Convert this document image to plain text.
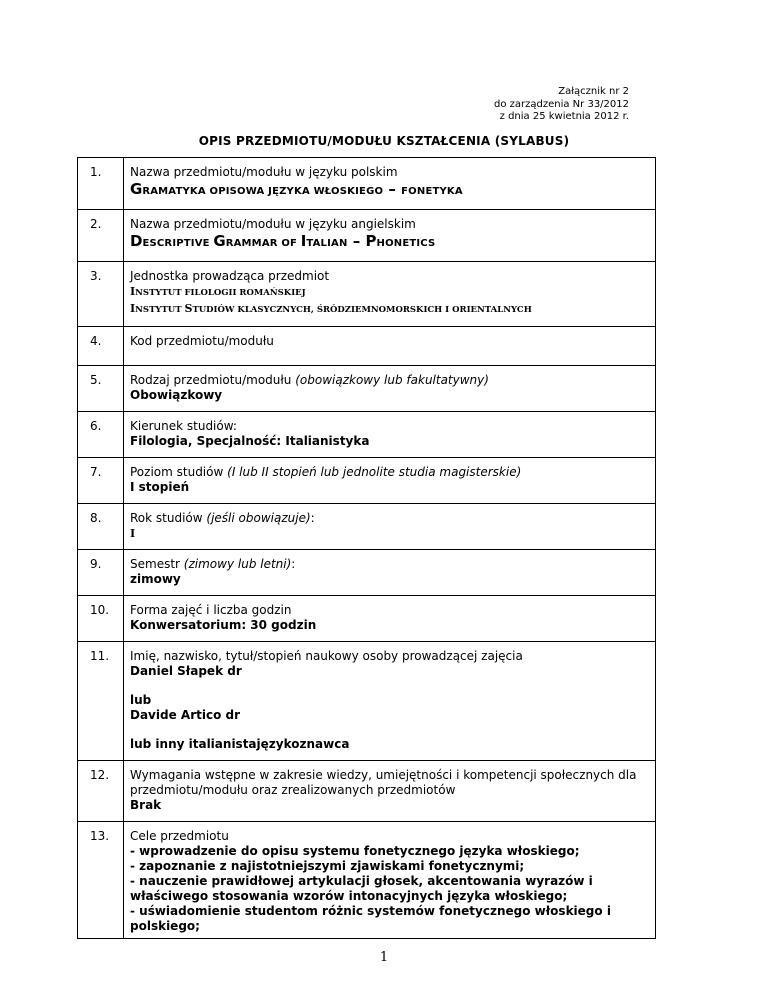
Załącznik nr 2
do zarządzenia Nr 33/2012
z dnia 25 kwietnia 2012 r.
OPIS PRZEDMIOTU/MODUŁU KSZTAŁCENIA (SYLABUS)
1.	Nazwa przedmiotu/modułu w języku polskim
GRAMATYKA OPISOWA JĘZYKA WŁOSKIEGO – FONETYKA

2.	Nazwa przedmiotu/modułu w języku angielskim
DESCRIPTIVE GRAMMAR OF ITALIAN – PHONETICS

3.	Jednostka prowadząca przedmiot
INSTYTUT FILOLOGII ROMAŃSKIEJ
INSTYTUT STUDIÓW KLASYCZNYCH, ŚRÓDZIEMNOMORSKICH I ORIENTALNYCH

4.	Kod przedmiotu/modułu
5.	Rodzaj przedmiotu/modułu (obowiązkowy lub fakultatywny)
Obowiązkowy

6.	Kierunek studiów:
Filologia, Specjalność: Italianistyka

7.	Poziom studiów (I lub II stopień lub jednolite studia magisterskie)
I stopień

8.	Rok studiów (jeśli obowiązuje):
I

9.	Semestr (zimowy lub letni):
zimowy

10.	Forma zajęć i liczba godzin
Konwersatorium: 30 godzin

11.	Imię, nazwisko, tytuł/stopień naukowy osoby prowadzącej zajęcia
Daniel Słapek dr
lub
Davide Artico dr
lub inny italianistajęzykoznawca

12.	Wymagania wstępne w zakresie wiedzy, umiejętności i kompetencji społecznych dla przedmiotu/modułu oraz zrealizowanych przedmiotów
Brak

13.	Cele przedmiotu
- wprowadzenie do opisu systemu fonetycznego języka włoskiego;
- zapoznanie z najistotniejszymi zjawiskami fonetycznymi;
- nauczenie prawidłowej artykulacji głosek, akcentowania wyrazów i właściwego stosowania wzorów intonacyjnych języka włoskiego;
- uświadomienie studentom różnic systemów fonetycznego włoskiego i polskiego;
1
